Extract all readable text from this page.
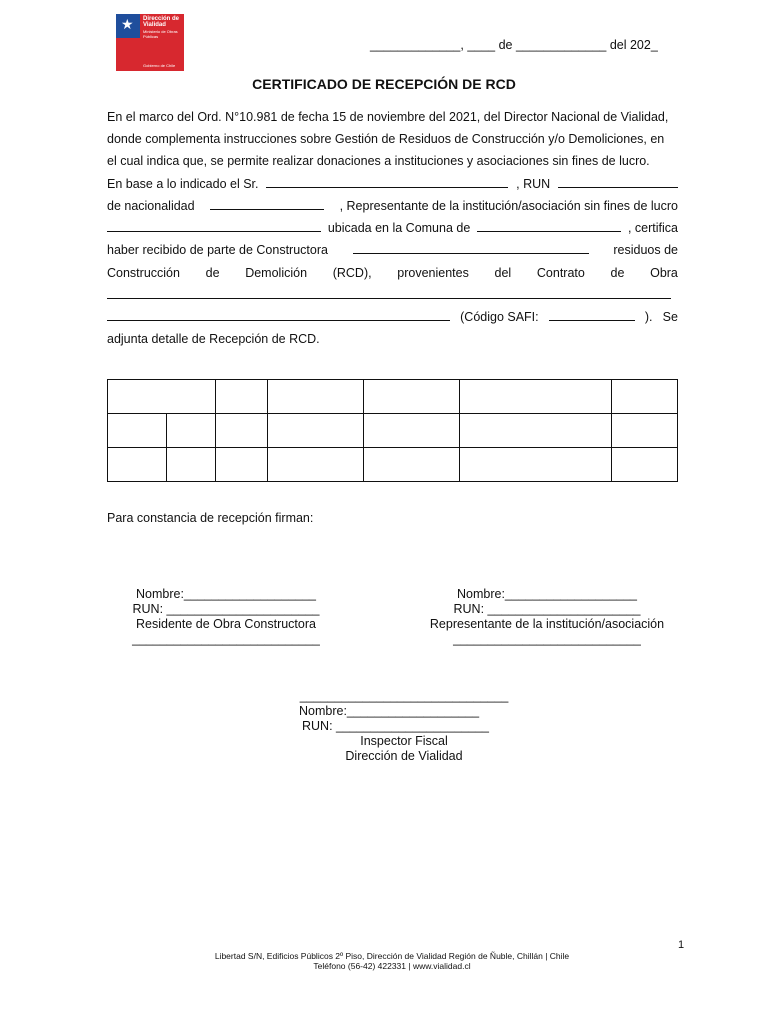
★ Dirección de Vialidad
Ministerio de Obras Públicas
Gobierno de Chile
_____________, ____ de _____________ del 202_
CERTIFICADO DE RECEPCIÓN DE RCD
En el marco del Ord. N°10.981 de fecha 15 de noviembre del 2021, del Director Nacional de Vialidad,
donde complementa instrucciones sobre Gestión de Residuos de Construcción y/o Demoliciones, en
el cual indica que, se permite realizar donaciones a instituciones y asociaciones sin fines de lucro.
En base a lo indicado el Sr.	, RUN
de nacionalidad	, Representante de la institución/asociación sin fines de lucro
ubicada en la Comuna de	, certifica
haber recibido de parte de Constructora	residuos de
Construcción de Demolición (RCD), provenientes del Contrato de Obra
(Código SAFI:	). Se
adjunta detalle de Recepción de RCD.

Para constancia de recepción firman:
Nombre:___________________
RUN: ______________________
Residente de Obra Constructora
___________________________
Nombre:___________________
RUN: ______________________
Representante de la institución/asociación
___________________________
______________________________
Nombre:___________________
RUN: ______________________
Inspector Fiscal
Dirección de Vialidad
1
Libertad S/N, Edificios Públicos 2º Piso, Dirección de Vialidad Región de Ñuble, Chillán | Chile
Teléfono (56-42) 422331 | www.vialidad.cl
